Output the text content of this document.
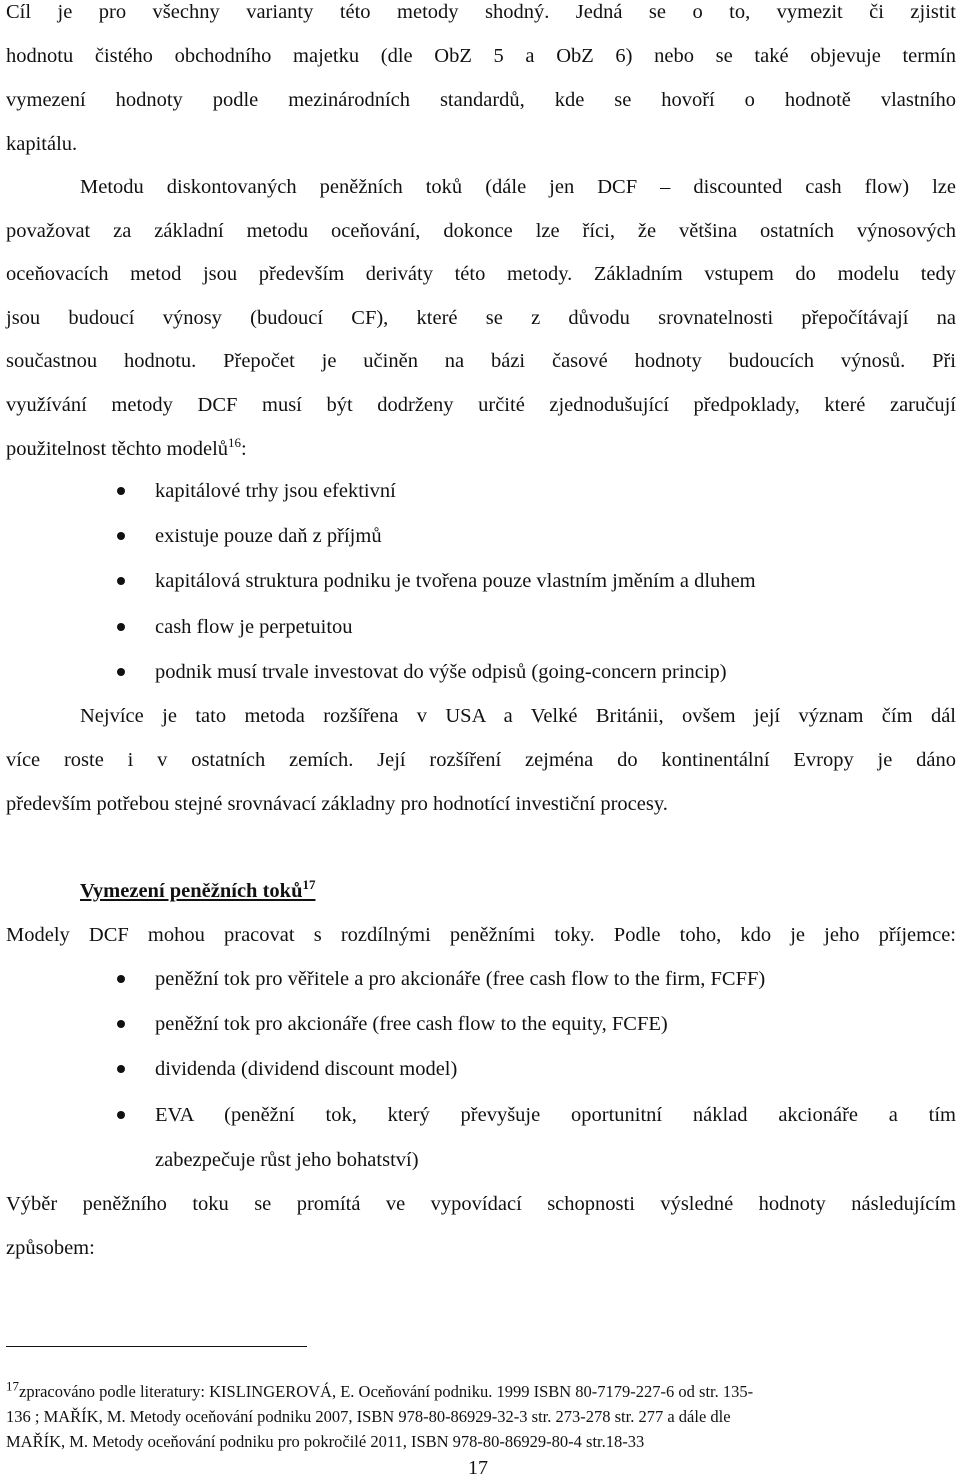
Cíl je pro všechny varianty této metody shodný. Jedná se o to, vymezit či zjistit
hodnotu čistého obchodního majetku (dle ObZ 5 a ObZ 6) nebo se také objevuje termín
vymezení hodnoty podle mezinárodních standardů, kde se hovoří o hodnotě vlastního
kapitálu.
Metodu diskontovaných peněžních toků (dále jen DCF – discounted cash flow) lze
považovat za základní metodu oceňování, dokonce lze říci, že většina ostatních výnosových
oceňovacích metod jsou především deriváty této metody. Základním vstupem do modelu tedy
jsou budoucí výnosy (budoucí CF), které se z důvodu srovnatelnosti přepočítávají na
součastnou hodnotu. Přepočet je učiněn na bázi časové hodnoty budoucích výnosů. Při
využívání metody DCF musí být dodrženy určité zjednodušující předpoklady, které zaručují
použitelnost těchto modelů$^{16}$:
kapitálové trhy jsou efektivní
existuje pouze daň z příjmů
kapitálová struktura podniku je tvořena pouze vlastním jměním a dluhem
cash flow je perpetuitou
podnik musí trvale investovat do výše odpisů (going-concern princip)
Nejvíce je tato metoda rozšířena v USA a Velké Británii, ovšem její význam čím dál
více roste i v ostatních zemích. Její rozšíření zejména do kontinentální Evropy je dáno
především potřebou stejné srovnávací základny pro hodnotící investiční procesy.
Vymezení peněžních toků$^{17}$
Modely DCF mohou pracovat s rozdílnými peněžními toky. Podle toho, kdo je jeho příjemce:
peněžní tok pro věřitele a pro akcionáře (free cash flow to the firm, FCFF)
peněžní tok pro akcionáře (free cash flow to the equity, FCFE)
dividenda (dividend discount model)
EVA (peněžní tok, který převyšuje oportunitní náklad akcionáře a tím
zabezpečuje růst jeho bohatství)
Výběr peněžního toku se promítá ve vypovídací schopnosti výsledné hodnoty následujícím
způsobem:
$^{17}$zpracováno podle literatury: KISLINGEROVÁ, E. Oceňování podniku. 1999 ISBN 80-7179-227-6 od str. 135-
136 ; MAŘÍK, M. Metody oceňování podniku 2007, ISBN 978-80-86929-32-3 str. 273-278 str. 277 a dále dle
MAŘÍK, M. Metody oceňování podniku pro pokročilé 2011, ISBN 978-80-86929-80-4 str.18-33
17
